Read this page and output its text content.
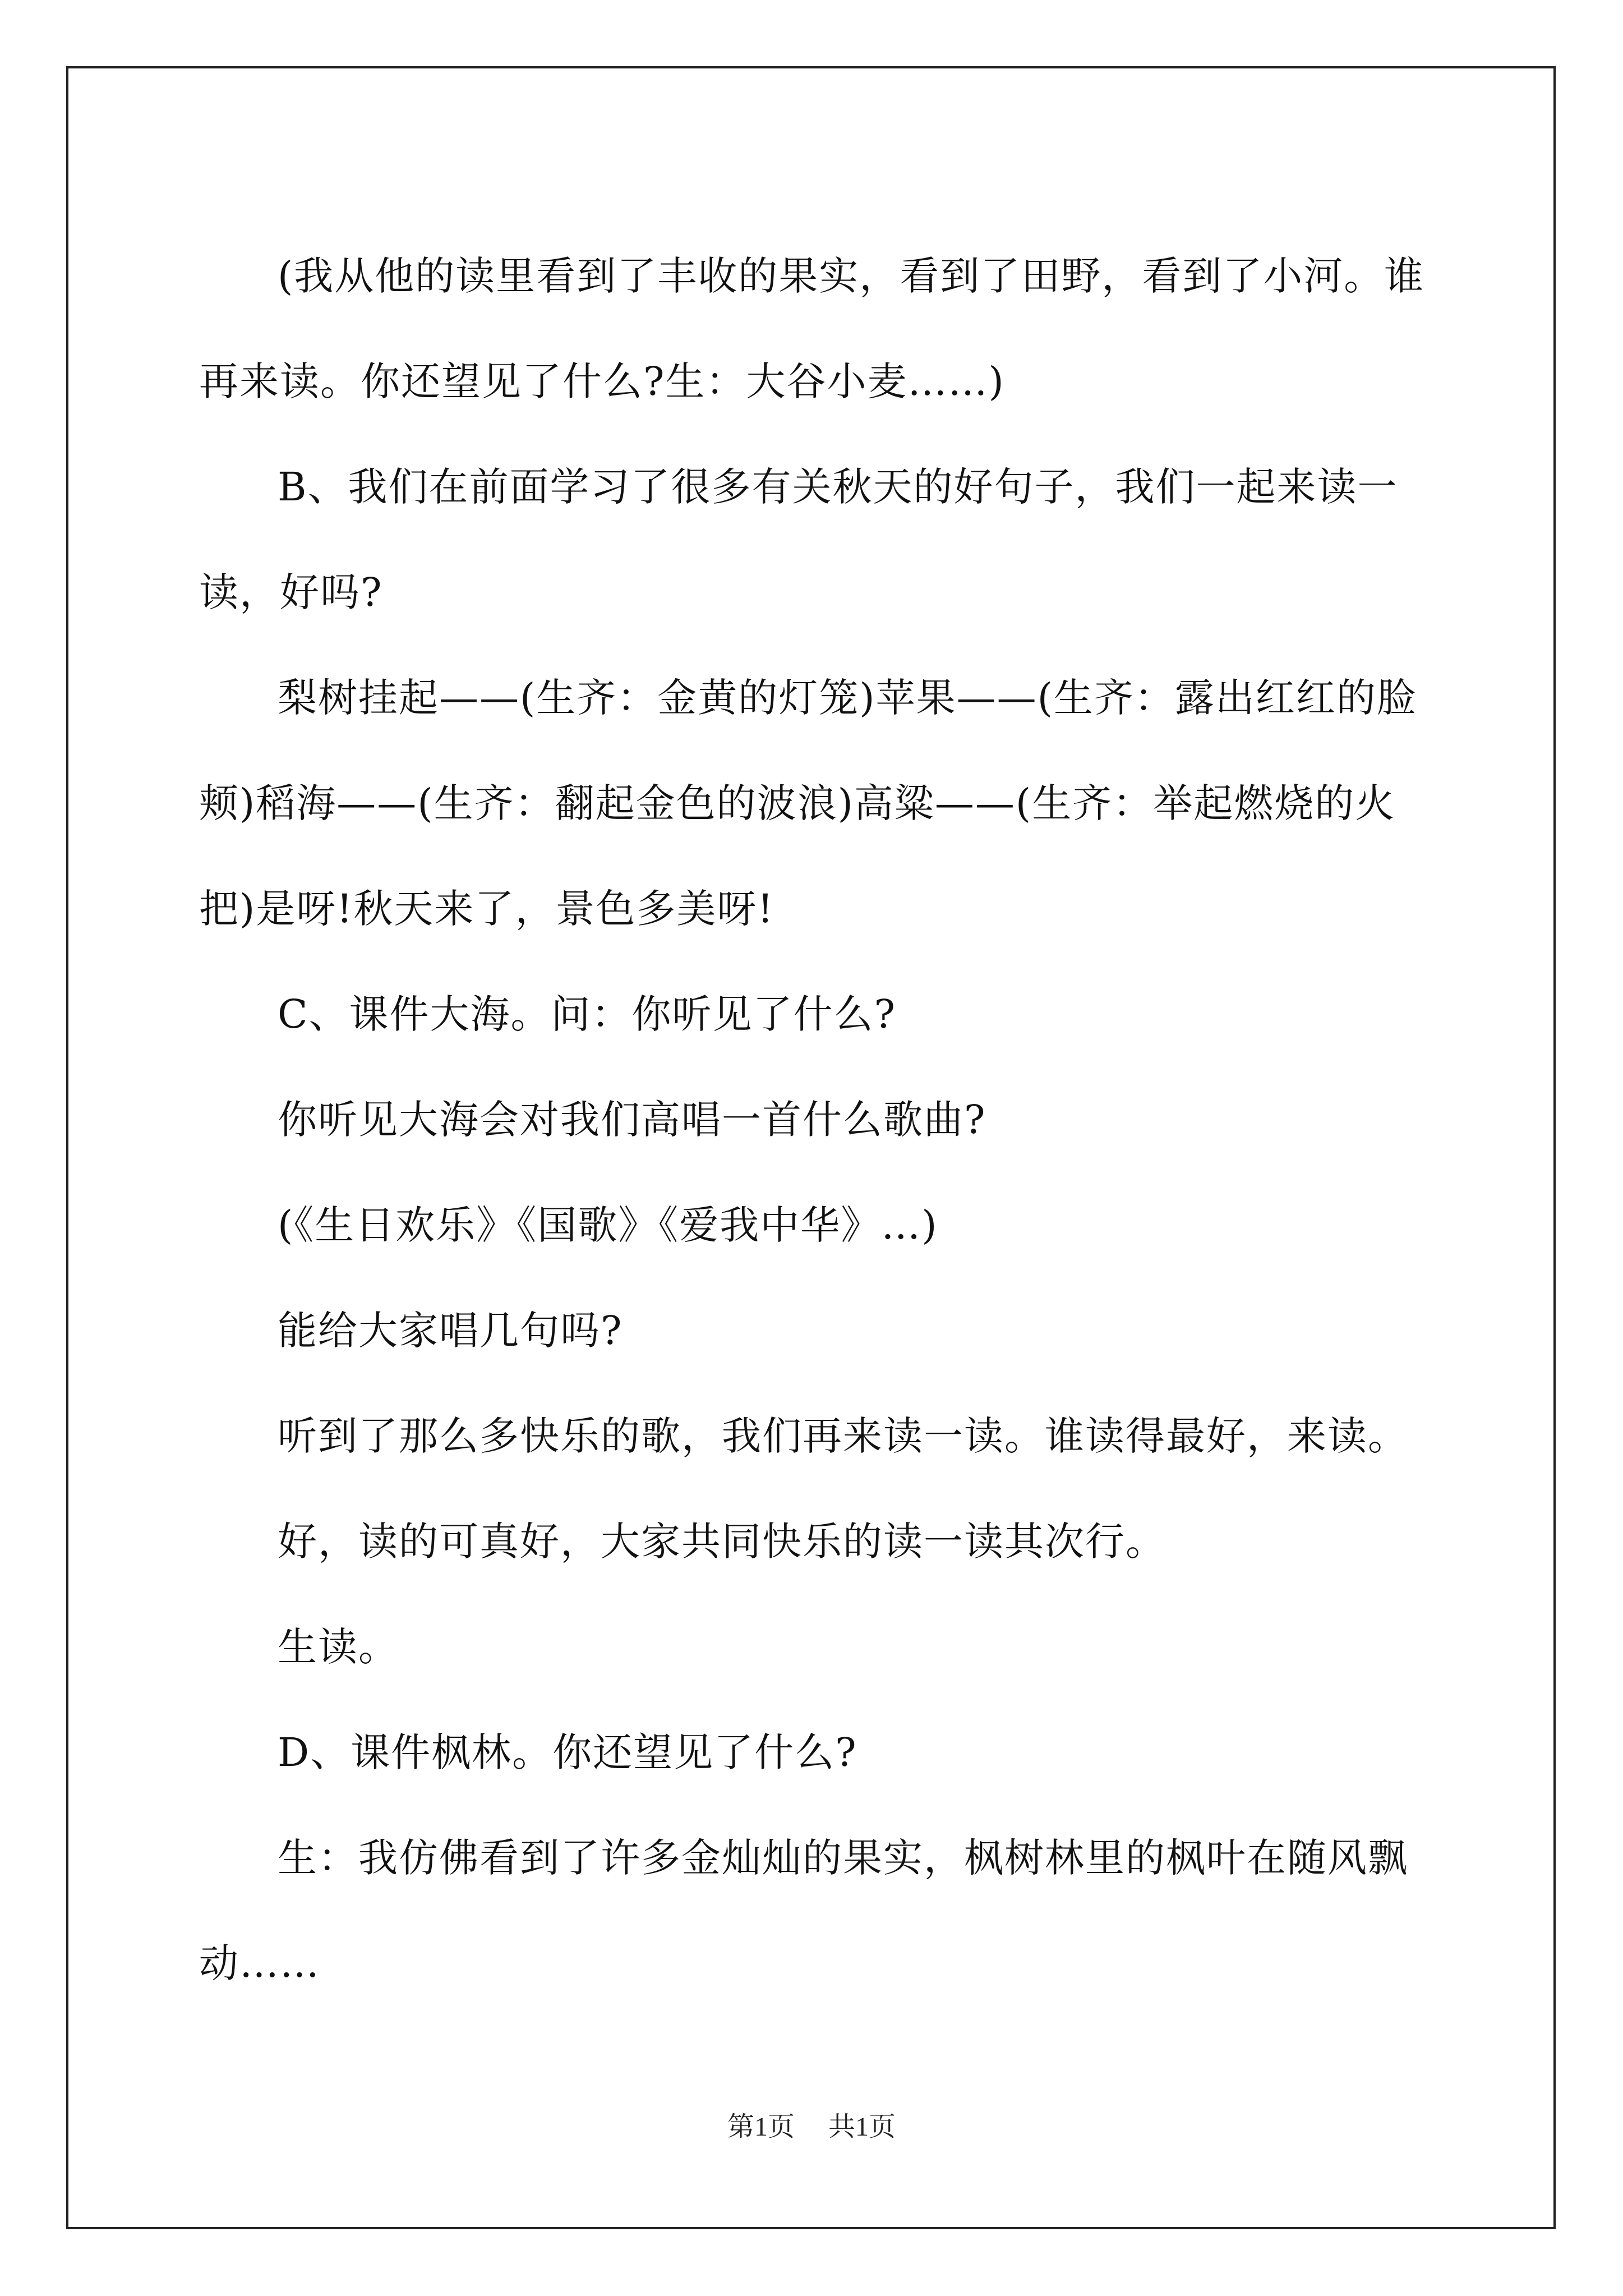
(我从他的读里看到了丰收的果实，看到了田野，看到了小河。谁再来读。你还望见了什么?生：大谷小麦……)

B、我们在前面学习了很多有关秋天的好句子，我们一起来读一读，好吗?

梨树挂起——(生齐：金黄的灯笼)苹果——(生齐：露出红红的脸颊)稻海——(生齐：翻起金色的波浪)高粱——(生齐：举起燃烧的火把)是呀!秋天来了，景色多美呀!

C、课件大海。问：你听见了什么?

你听见大海会对我们高唱一首什么歌曲?

(《生日欢乐》《国歌》《爱我中华》…)

能给大家唱几句吗?

听到了那么多快乐的歌，我们再来读一读。谁读得最好，来读。

好，读的可真好，大家共同快乐的读一读其次行。

生读。

D、课件枫林。你还望见了什么?

生：我仿佛看到了许多金灿灿的果实，枫树林里的枫叶在随风飘动……

第1页 共1页
